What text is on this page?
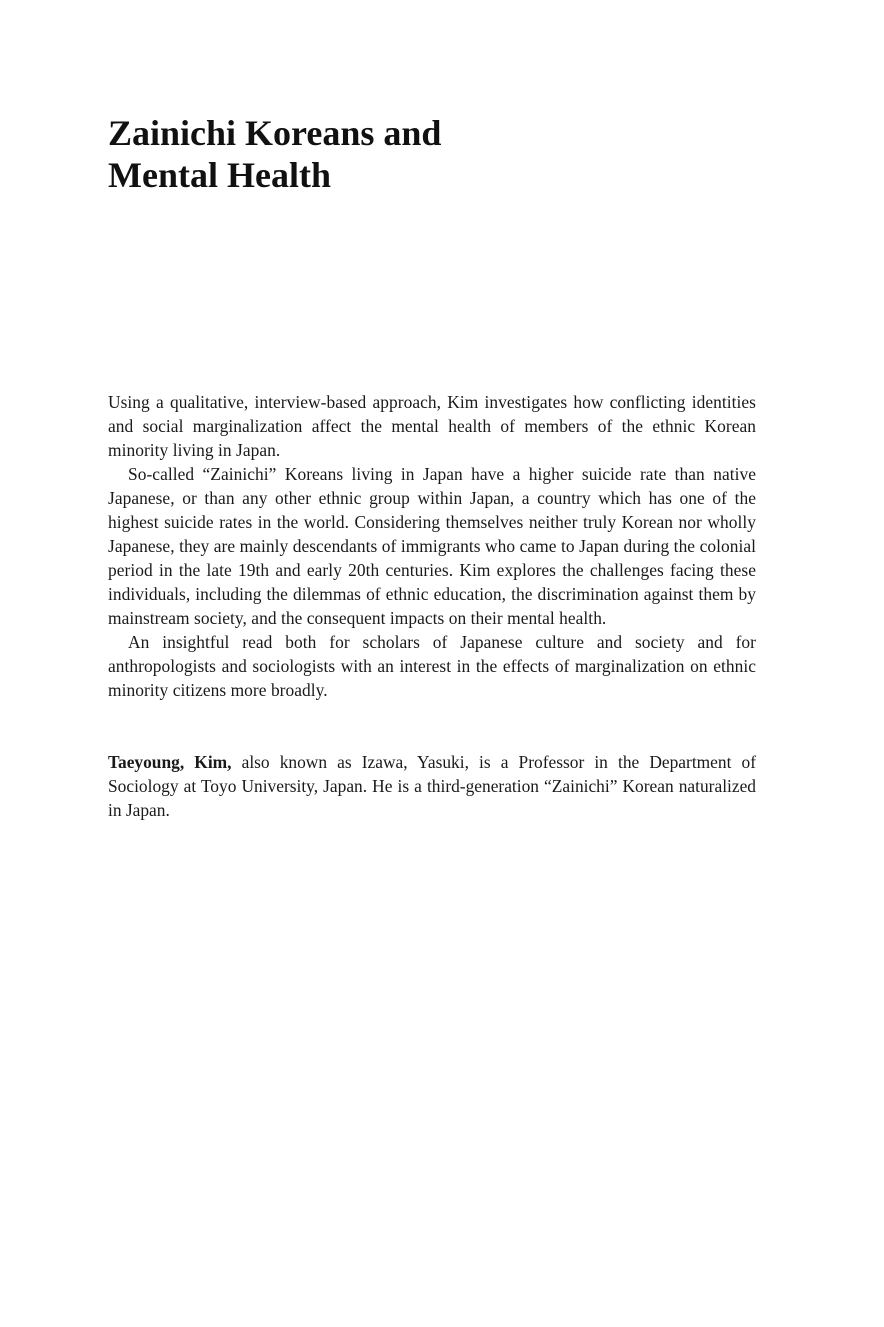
Zainichi Koreans and
Mental Health

Using a qualitative, interview-based approach, Kim investigates how conflicting identities and social marginalization affect the mental health of members of the ethnic Korean minority living in Japan.

So-called “Zainichi” Koreans living in Japan have a higher suicide rate than native Japanese, or than any other ethnic group within Japan, a country which has one of the highest suicide rates in the world. Considering themselves neither truly Korean nor wholly Japanese, they are mainly descendants of immigrants who came to Japan during the colonial period in the late 19th and early 20th centuries. Kim explores the challenges facing these individuals, including the dilemmas of ethnic education, the discrimination against them by mainstream society, and the consequent impacts on their mental health.

An insightful read both for scholars of Japanese culture and society and for anthropologists and sociologists with an interest in the effects of marginalization on ethnic minority citizens more broadly.

Taeyoung, Kim, also known as Izawa, Yasuki, is a Professor in the Department of Sociology at Toyo University, Japan. He is a third-generation “Zainichi” Korean naturalized in Japan.
